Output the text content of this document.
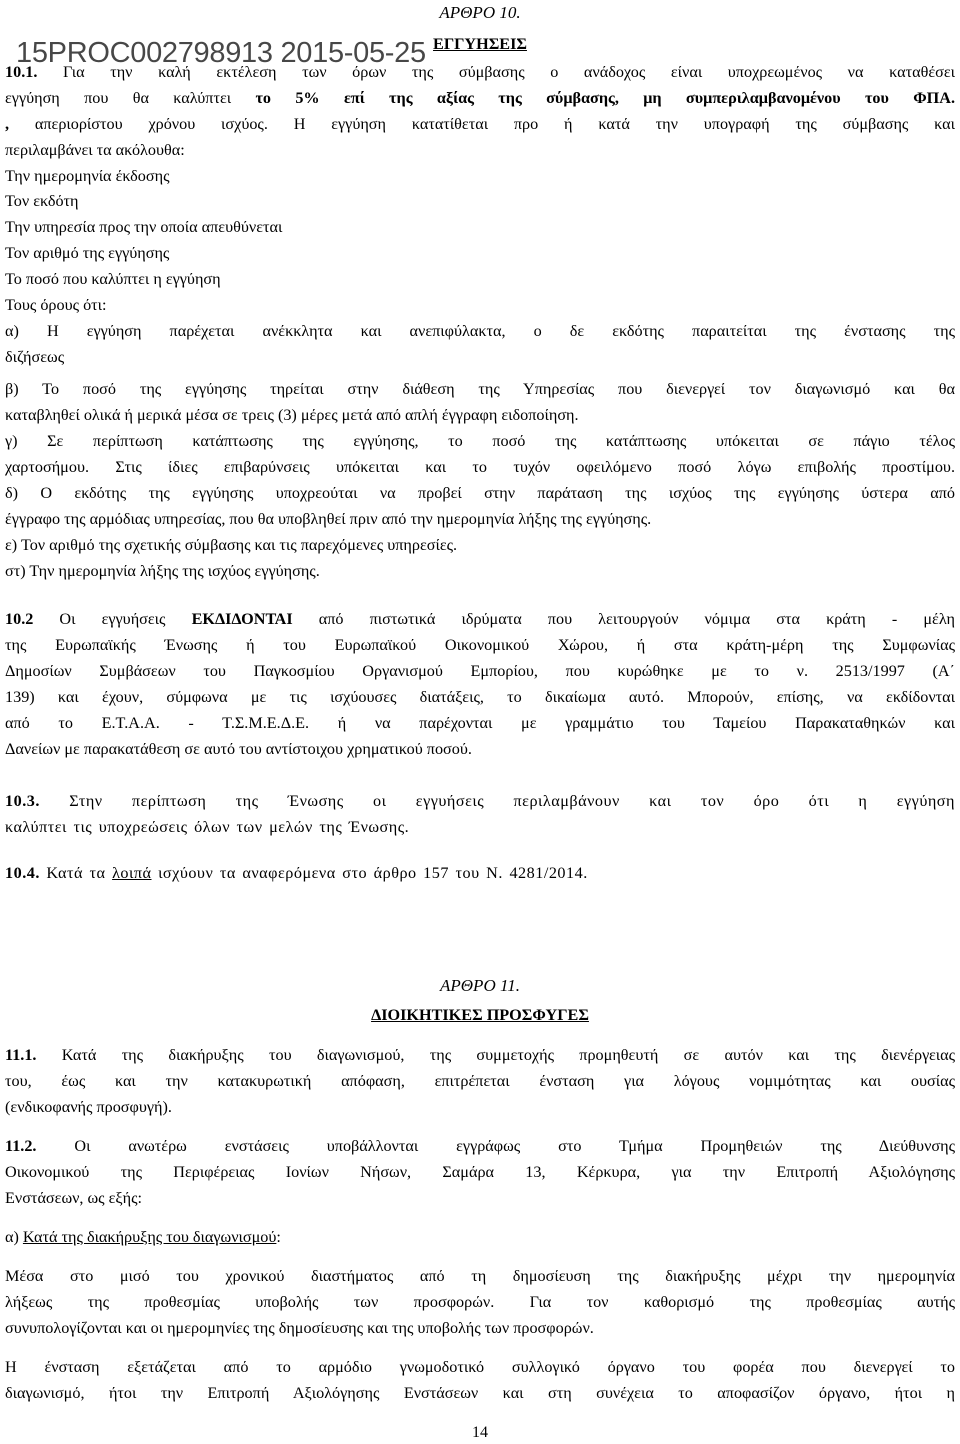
ΑΡΘΡΟ 10.
ΕΓΓΥΗΣΕΙΣ
10.1. Για την καλή εκτέλεση των όρων της σύμβασης ο ανάδοχος είναι υποχρεωμένος να καταθέσει
εγγύηση που θα καλύπτει το 5% επί της αξίας της σύμβασης, μη συμπεριλαμβανομένου του ΦΠΑ.
, απεριορίστου χρόνου ισχύος. Η εγγύηση κατατίθεται προ ή κατά την υπογραφή της σύμβασης και
περιλαμβάνει τα ακόλουθα:
Την ημερομηνία έκδοσης
Τον εκδότη
Την υπηρεσία προς την οποία απευθύνεται
Τον αριθμό της εγγύησης
Το ποσό που καλύπτει η εγγύηση
Τους όρους ότι:
α) Η εγγύηση παρέχεται ανέκκλητα και ανεπιφύλακτα, ο δε εκδότης παραιτείται της ένστασης της
διζήσεως
β) Το ποσό της εγγύησης τηρείται στην διάθεση της Υπηρεσίας που διενεργεί τον διαγωνισμό και θα
καταβληθεί ολικά ή μερικά μέσα σε τρεις (3) μέρες μετά από απλή έγγραφη ειδοποίηση.
γ) Σε περίπτωση κατάπτωσης της εγγύησης, το ποσό της κατάπτωσης υπόκειται σε πάγιο τέλος
χαρτοσήμου. Στις ίδιες επιβαρύνσεις υπόκειται και το τυχόν οφειλόμενο ποσό λόγω επιβολής προστίμου.
δ) Ο εκδότης της εγγύησης υποχρεούται να προβεί στην παράταση της ισχύος της εγγύησης ύστερα από
έγγραφο της αρμόδιας υπηρεσίας, που θα υποβληθεί πριν από την ημερομηνία λήξης της εγγύησης.
ε) Τον αριθμό της σχετικής σύμβασης και τις παρεχόμενες υπηρεσίες.
στ) Την ημερομηνία λήξης της ισχύος εγγύησης.
10.2 Οι εγγυήσεις ΕΚΔΙΔΟΝΤΑΙ από πιστωτικά ιδρύματα που λειτουργούν νόμιμα στα κράτη - μέλη
της Ευρωπαϊκής Ένωσης ή του Ευρωπαϊκού Οικονομικού Χώρου, ή στα κράτη-μέρη της Συμφωνίας
Δημοσίων Συμβάσεων του Παγκοσμίου Οργανισμού Εμπορίου, που κυρώθηκε με το ν. 2513/1997 (Α΄
139) και έχουν, σύμφωνα με τις ισχύουσες διατάξεις, το δικαίωμα αυτό. Μπορούν, επίσης, να εκδίδονται
από το Ε.Τ.Α.Α. - Τ.Σ.Μ.Ε.Δ.Ε. ή να παρέχονται με γραμμάτιο του Ταμείου Παρακαταθηκών και
Δανείων με παρακατάθεση σε αυτό του αντίστοιχου χρηματικού ποσού.
10.3. Στην περίπτωση της Ένωσης οι εγγυήσεις περιλαμβάνουν και τον όρο ότι η εγγύηση
καλύπτει τις υποχρεώσεις όλων των μελών της Ένωσης.
10.4. Κατά τα λοιπά ισχύουν τα αναφερόμενα στο άρθρο 157 του Ν. 4281/2014.
ΑΡΘΡΟ 11.
ΔΙΟΙΚΗΤΙΚΕΣ ΠΡΟΣΦΥΓΕΣ
11.1. Κατά της διακήρυξης του διαγωνισμού, της συμμετοχής προμηθευτή σε αυτόν και της διενέργειας
του, έως και την κατακυρωτική απόφαση, επιτρέπεται ένσταση για λόγους νομιμότητας και ουσίας
(ενδικοφανής προσφυγή).
11.2. Οι ανωτέρω ενστάσεις υποβάλλονται εγγράφως στο Τμήμα Προμηθειών της Διεύθυνσης
Οικονομικού της Περιφέρειας Ιονίων Νήσων, Σαμάρα 13, Κέρκυρα, για την Επιτροπή Αξιολόγησης
Ενστάσεων, ως εξής:
α) Κατά της διακήρυξης του διαγωνισμού:
Μέσα στο μισό του χρονικού διαστήματος από τη δημοσίευση της διακήρυξης μέχρι την ημερομηνία
λήξεως της προθεσμίας υποβολής των προσφορών. Για τον καθορισμό της προθεσμίας αυτής
συνυπολογίζονται και οι ημερομηνίες της δημοσίευσης και της υποβολής των προσφορών.
Η ένσταση εξετάζεται από το αρμόδιο γνωμοδοτικό συλλογικό όργανο του φορέα που διενεργεί το
διαγωνισμό, ήτοι την Επιτροπή Αξιολόγησης Ενστάσεων και στη συνέχεια το αποφασίζον όργανο, ήτοι η
14
15PROC002798913 2015-05-25
